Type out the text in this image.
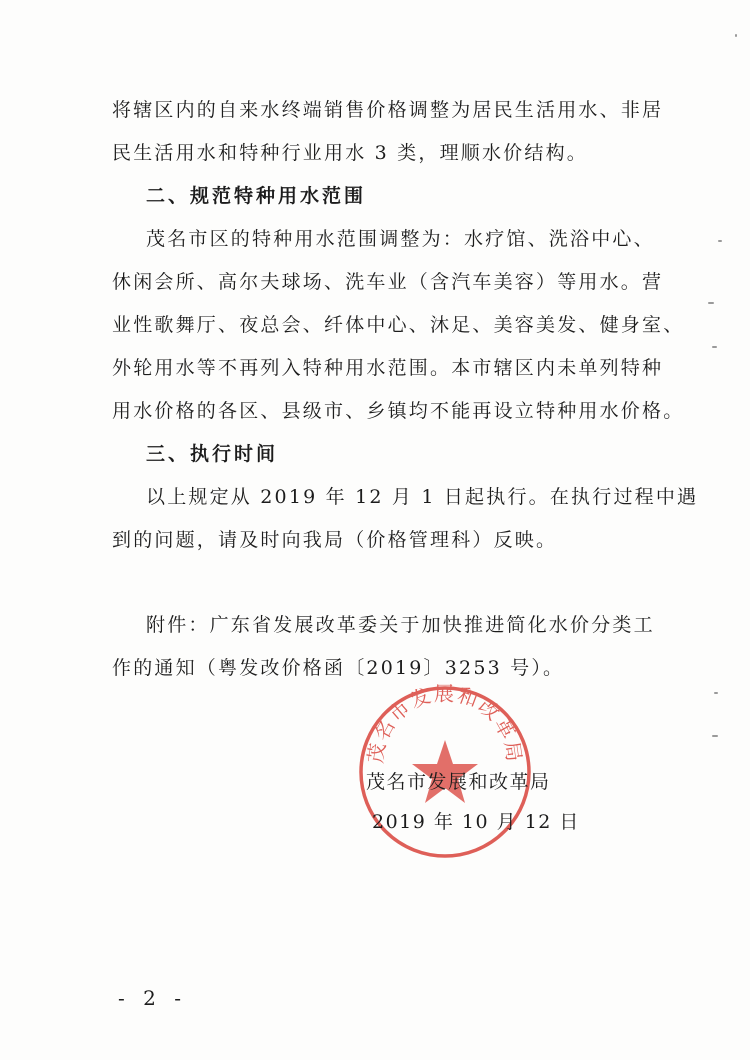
将辖区内的自来水终端销售价格调整为居民生活用水、非居
民生活用水和特种行业用水 3 类，理顺水价结构。
二、规范特种用水范围
茂名市区的特种用水范围调整为：水疗馆、洗浴中心、
休闲会所、高尔夫球场、洗车业（含汽车美容）等用水。营
业性歌舞厅、夜总会、纤体中心、沐足、美容美发、健身室、
外轮用水等不再列入特种用水范围。本市辖区内未单列特种
用水价格的各区、县级市、乡镇均不能再设立特种用水价格。
三、执行时间
以上规定从 2019 年 12 月 1 日起执行。在执行过程中遇
到的问题，请及时向我局（价格管理科）反映。
附件：广东省发展改革委关于加快推进简化水价分类工
作的通知（粤发改价格函〔2019〕3253 号）。
茂名市发展和改革局
茂名市发展和改革局
2019 年 10 月 12 日
- 2 -
